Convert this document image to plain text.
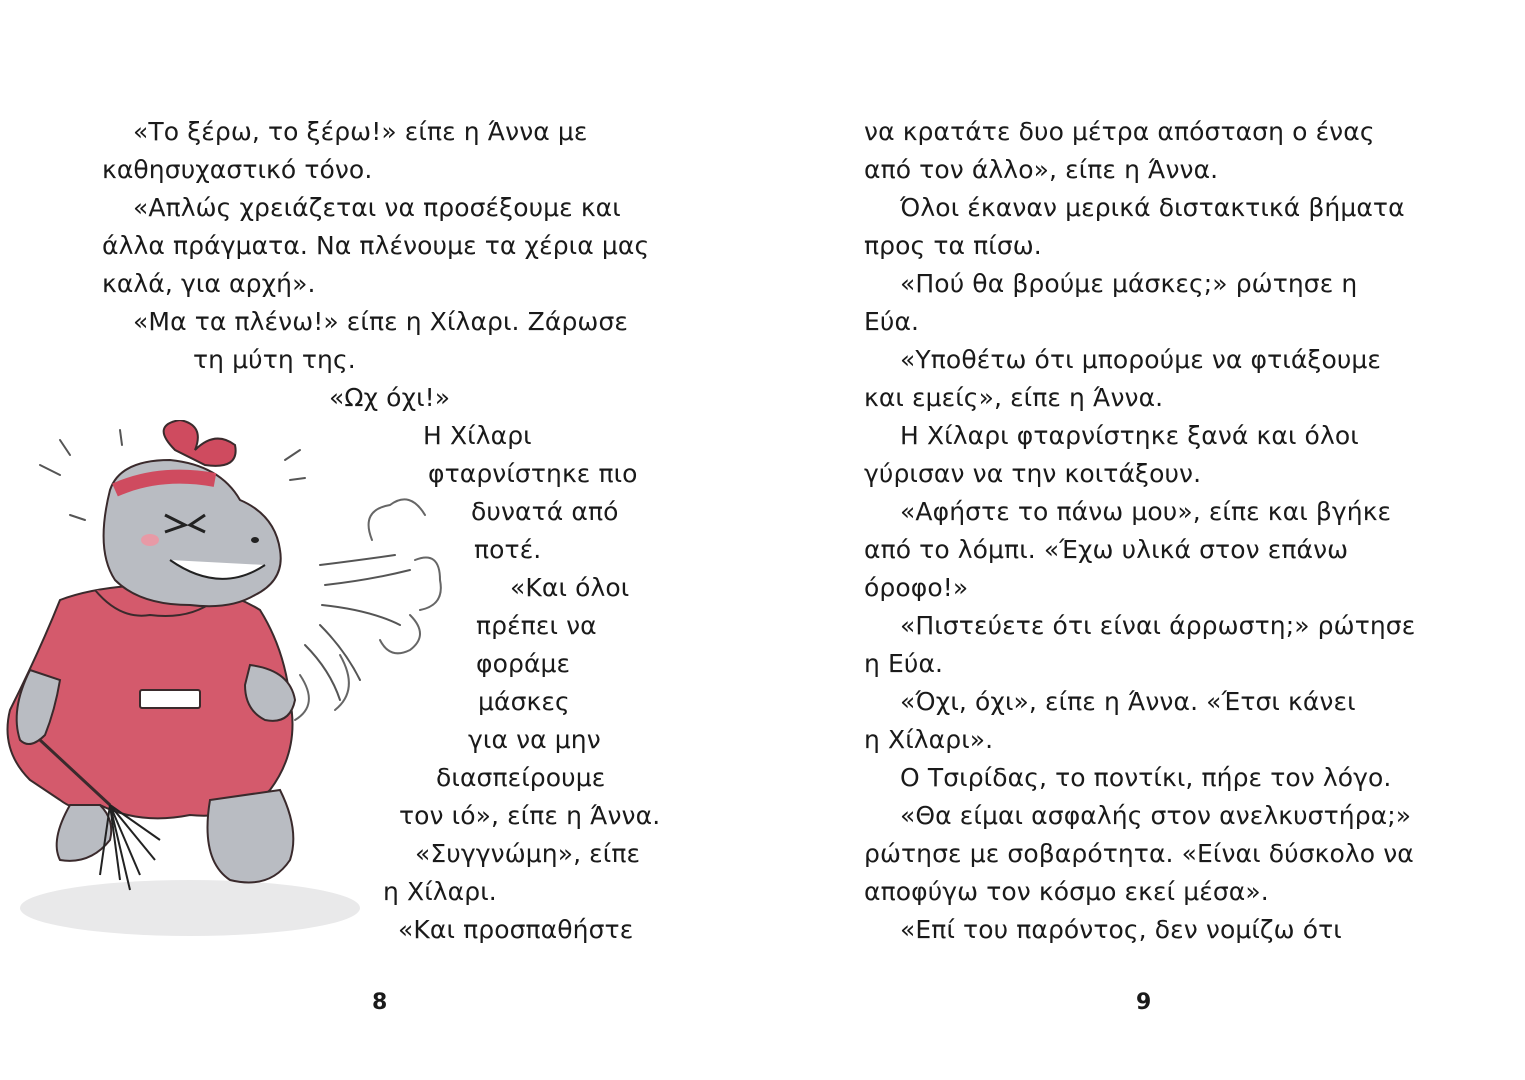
«Το ξέρω, το ξέρω!» είπε η Άννα με
καθησυχαστικό τόνο.
«Απλώς χρειάζεται να προσέξουμε και
άλλα πράγματα. Να πλένουμε τα χέρια μας
καλά, για αρχή».
«Μα τα πλένω!» είπε η Χίλαρι. Ζάρωσε
τη μύτη της.
«Ωχ όχι!»
Η Χίλαρι
φταρνίστηκε πιο
δυνατά από
ποτέ.
«Και όλοι
πρέπει να
φοράμε
μάσκες
για να μην
διασπείρουμε
τον ιό», είπε η Άννα.
«Συγγνώμη», είπε
η Χίλαρι.
«Και προσπαθήστε
8
να κρατάτε δυο μέτρα απόσταση ο ένας
από τον άλλο», είπε η Άννα.
Όλοι έκαναν μερικά διστακτικά βήματα
προς τα πίσω.
«Πού θα βρούμε μάσκες;» ρώτησε η
Εύα.
«Υποθέτω ότι μπορούμε να φτιάξουμε
και εμείς», είπε η Άννα.
Η Χίλαρι φταρνίστηκε ξανά και όλοι
γύρισαν να την κοιτάξουν.
«Αφήστε το πάνω μου», είπε και βγήκε
από το λόμπι. «Έχω υλικά στον επάνω
όροφο!»
«Πιστεύετε ότι είναι άρρωστη;» ρώτησε
η Εύα.
«Όχι, όχι», είπε η Άννα. «Έτσι κάνει
η Χίλαρι».
Ο Τσιρίδας, το ποντίκι, πήρε τον λόγο.
«Θα είμαι ασφαλής στον ανελκυστήρα;»
ρώτησε με σοβαρότητα. «Είναι δύσκολο να
αποφύγω τον κόσμο εκεί μέσα».
«Επί του παρόντος, δεν νομίζω ότι
9
